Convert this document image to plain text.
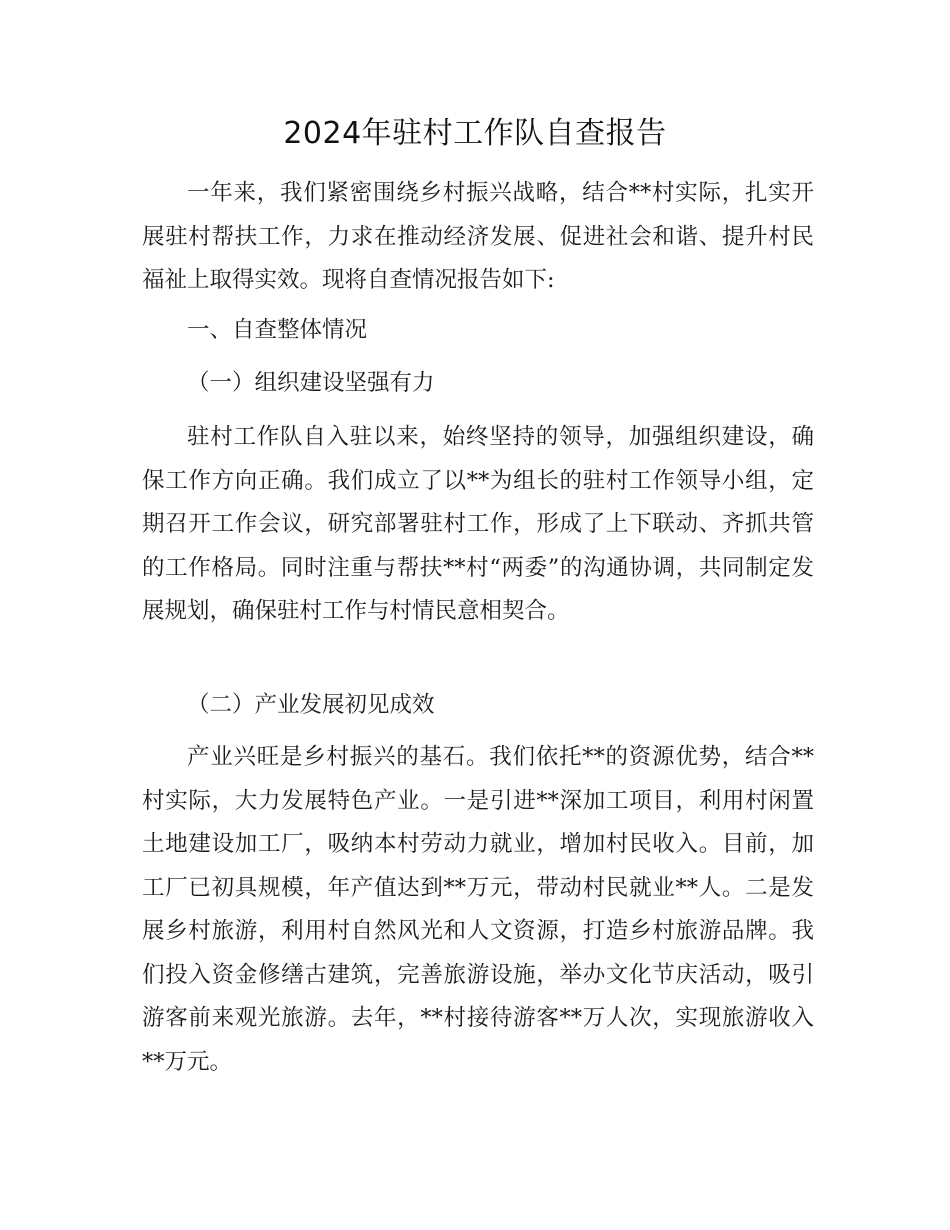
2024年驻村工作队自查报告

一年来，我们紧密围绕乡村振兴战略，结合**村实际，扎实开展驻村帮扶工作，力求在推动经济发展、促进社会和谐、提升村民福祉上取得实效。现将自查情况报告如下:

一、自查整体情况

（一）组织建设坚强有力

驻村工作队自入驻以来，始终坚持的领导，加强组织建设，确保工作方向正确。我们成立了以**为组长的驻村工作领导小组，定期召开工作会议，研究部署驻村工作，形成了上下联动、齐抓共管的工作格局。同时注重与帮扶**村“两委”的沟通协调，共同制定发展规划，确保驻村工作与村情民意相契合。

（二）产业发展初见成效

产业兴旺是乡村振兴的基石。我们依托**的资源优势，结合**村实际，大力发展特色产业。一是引进**深加工项目，利用村闲置土地建设加工厂，吸纳本村劳动力就业，增加村民收入。目前，加工厂已初具规模，年产值达到**万元，带动村民就业**人。二是发展乡村旅游，利用村自然风光和人文资源，打造乡村旅游品牌。我们投入资金修缮古建筑，完善旅游设施，举办文化节庆活动，吸引游客前来观光旅游。去年，**村接待游客**万人次，实现旅游收入**万元。
